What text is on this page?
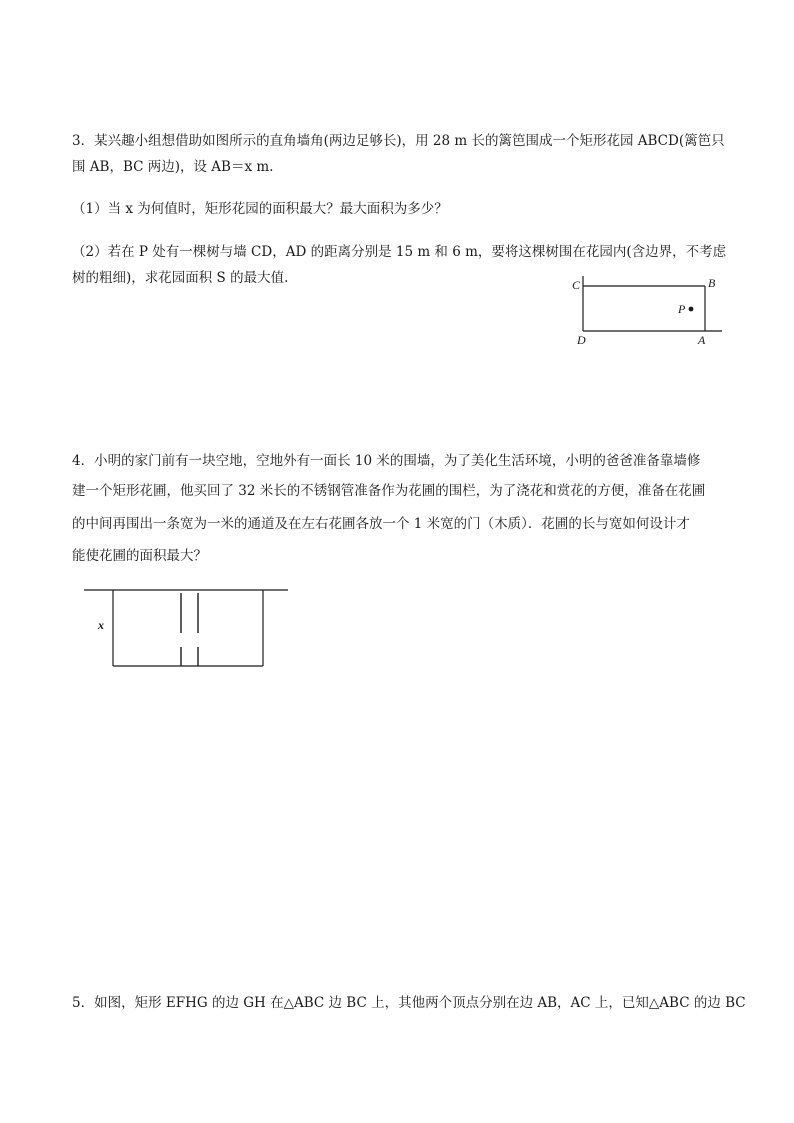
3．某兴趣小组想借助如图所示的直角墙角(两边足够长)，用 28 m 长的篱笆围成一个矩形花园 ABCD(篱笆只
围 AB，BC 两边)，设 AB＝x m.
（1）当 x 为何值时，矩形花园的面积最大？最大面积为多少？
（2）若在 P 处有一棵树与墙 CD，AD 的距离分别是 15 m 和 6 m，要将这棵树围在花园内(含边界，不考虑
树的粗细)，求花园面积 S 的最大值.	C	B
P
D	A
4．小明的家门前有一块空地，空地外有一面长 10 米的围墙，为了美化生活环境，小明的爸爸准备靠墙修
建一个矩形花圃，他买回了 32 米长的不锈钢管准备作为花圃的围栏，为了浇花和赏花的方便，准备在花圃
的中间再围出一条宽为一米的通道及在左右花圃各放一个 1 米宽的门（木质）．花圃的长与宽如何设计才
能使花圃的面积最大？
x
5．如图，矩形 EFHG 的边 GH 在△ABC 边 BC 上，其他两个顶点分别在边 AB，AC 上，已知△ABC 的边 BC
